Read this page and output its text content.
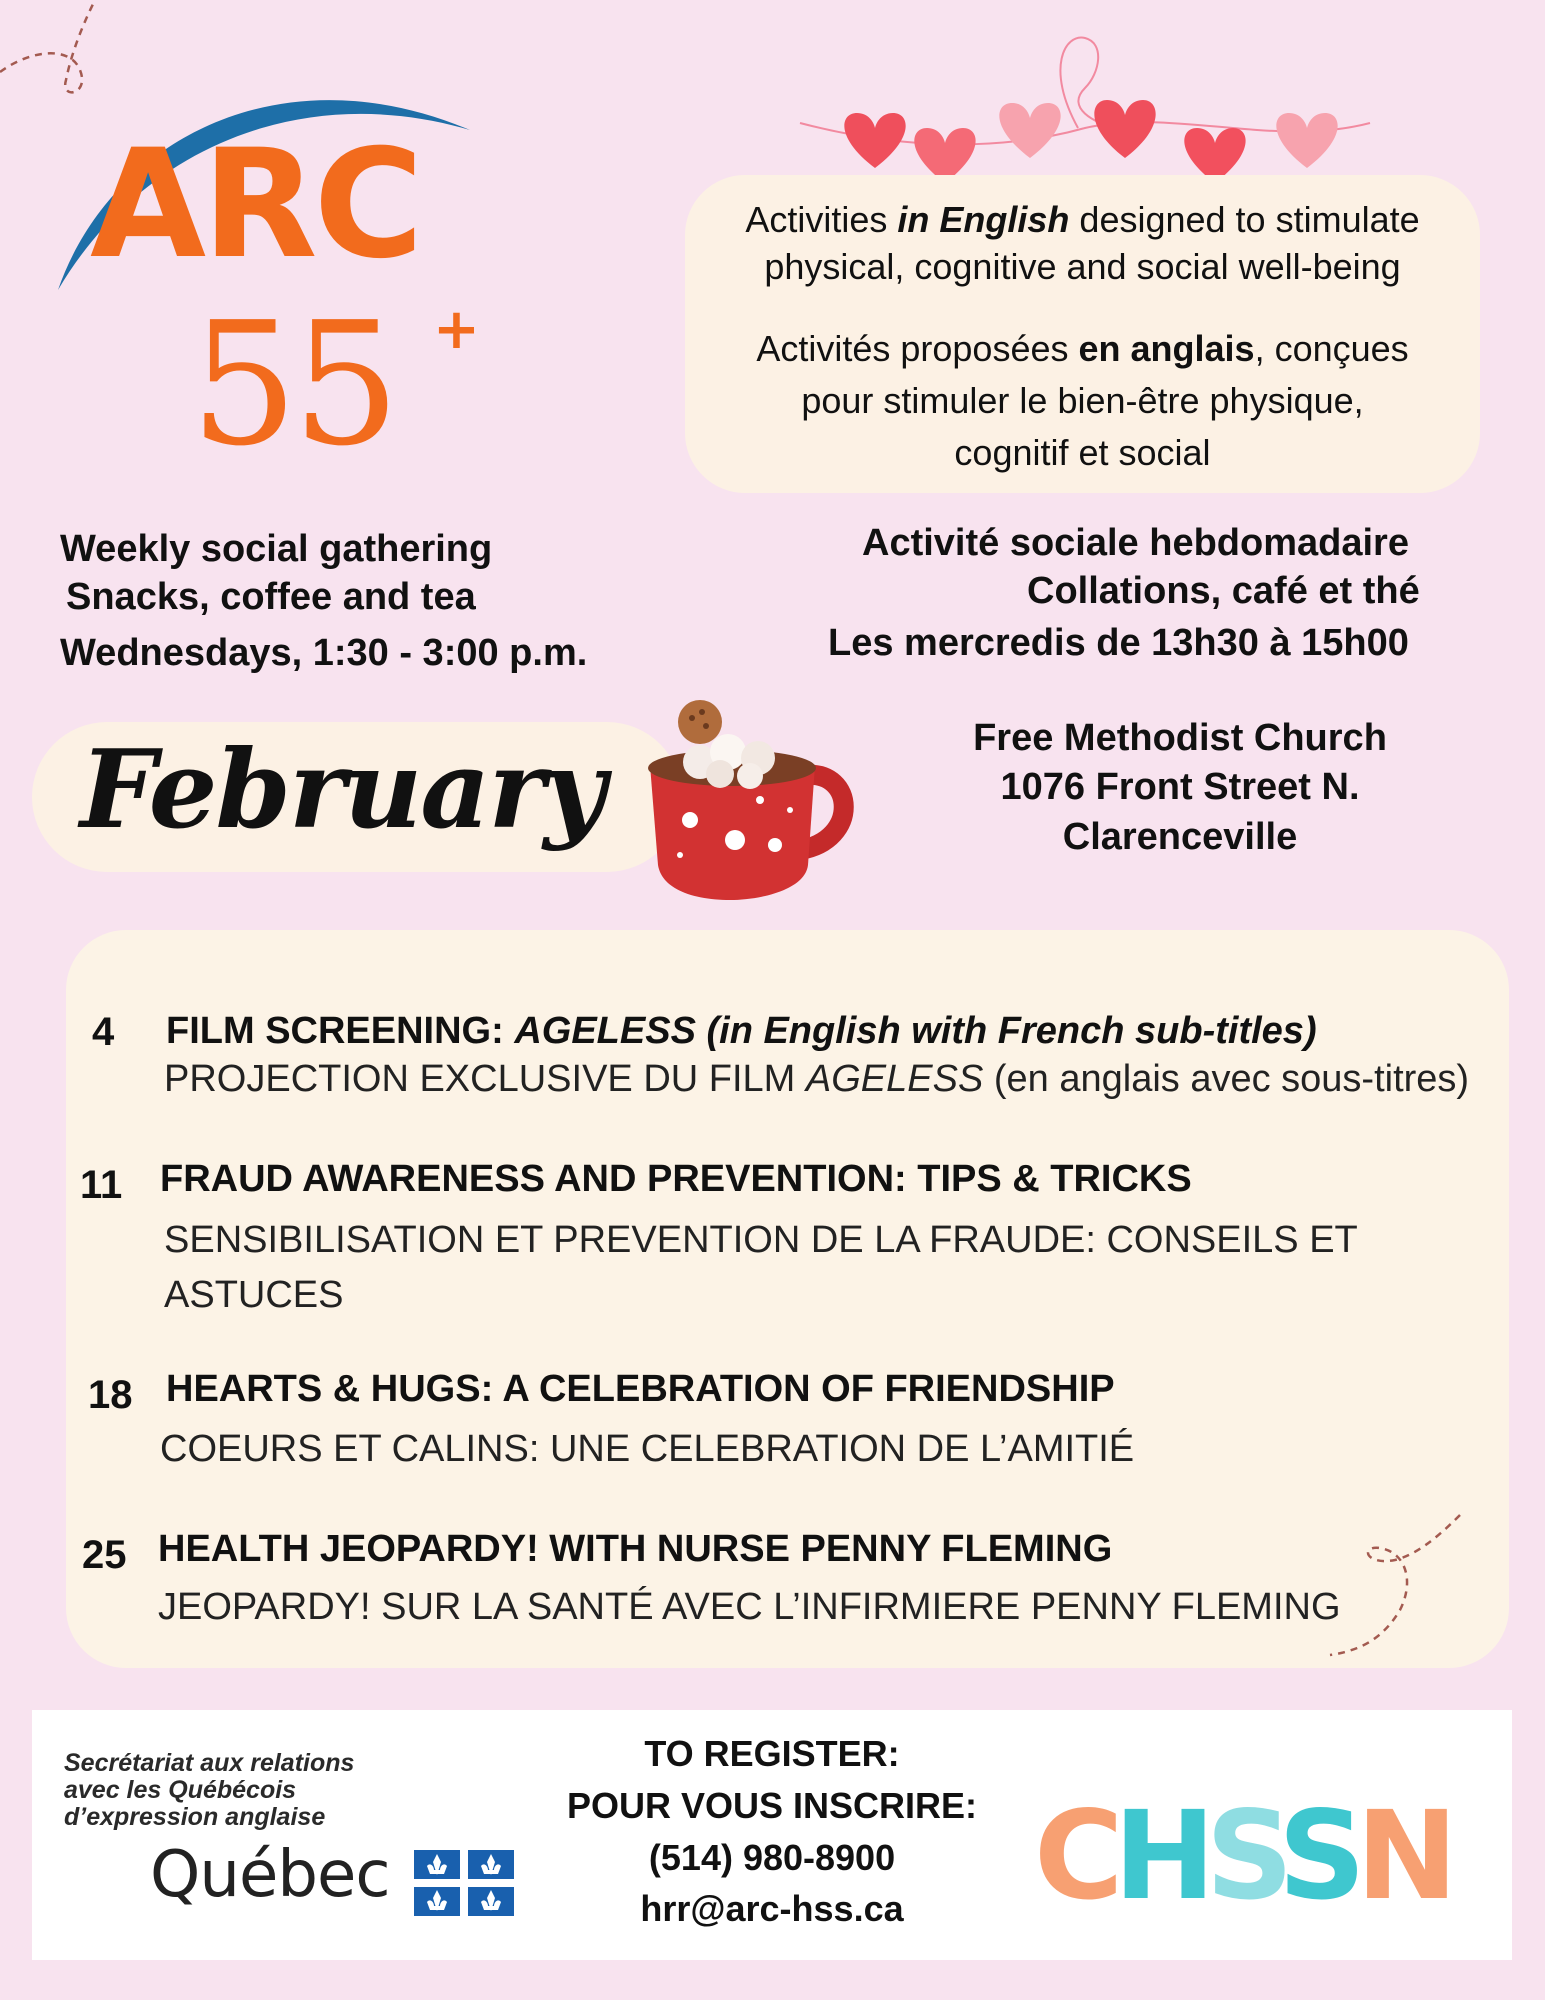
ARC
55 +
Activities in English designed to stimulate
physical, cognitive and social well-being
Activités proposées en anglais, conçues
pour stimuler le bien-être physique,
cognitif et social
Weekly social gathering
Snacks, coffee and tea
Wednesdays, 1:30 - 3:00 p.m.
Activité sociale hebdomadaire
Collations, café et thé
Les mercredis de 13h30 à 15h00
February	Free Methodist Church
1076 Front Street N.
Clarenceville
4 FILM SCREENING: AGELESS (in English with French sub-titles)
PROJECTION EXCLUSIVE DU FILM AGELESS (en anglais avec sous-titres)
11 FRAUD AWARENESS AND PREVENTION: TIPS & TRICKS
SENSIBILISATION ET PREVENTION DE LA FRAUDE: CONSEILS ET
ASTUCES
18 HEARTS & HUGS: A CELEBRATION OF FRIENDSHIP
COEURS ET CALINS: UNE CELEBRATION DE L’AMITIÉ
25 HEALTH JEOPARDY! WITH NURSE PENNY FLEMING
JEOPARDY! SUR LA SANTÉ AVEC L’INFIRMIERE PENNY FLEMING
Secrétariat aux relations
avec les Québécois
d’expression anglaise
Québec
TO REGISTER:
POUR VOUS INSCRIRE:
(514) 980-8900
hrr@arc-hss.ca	CHSSN
